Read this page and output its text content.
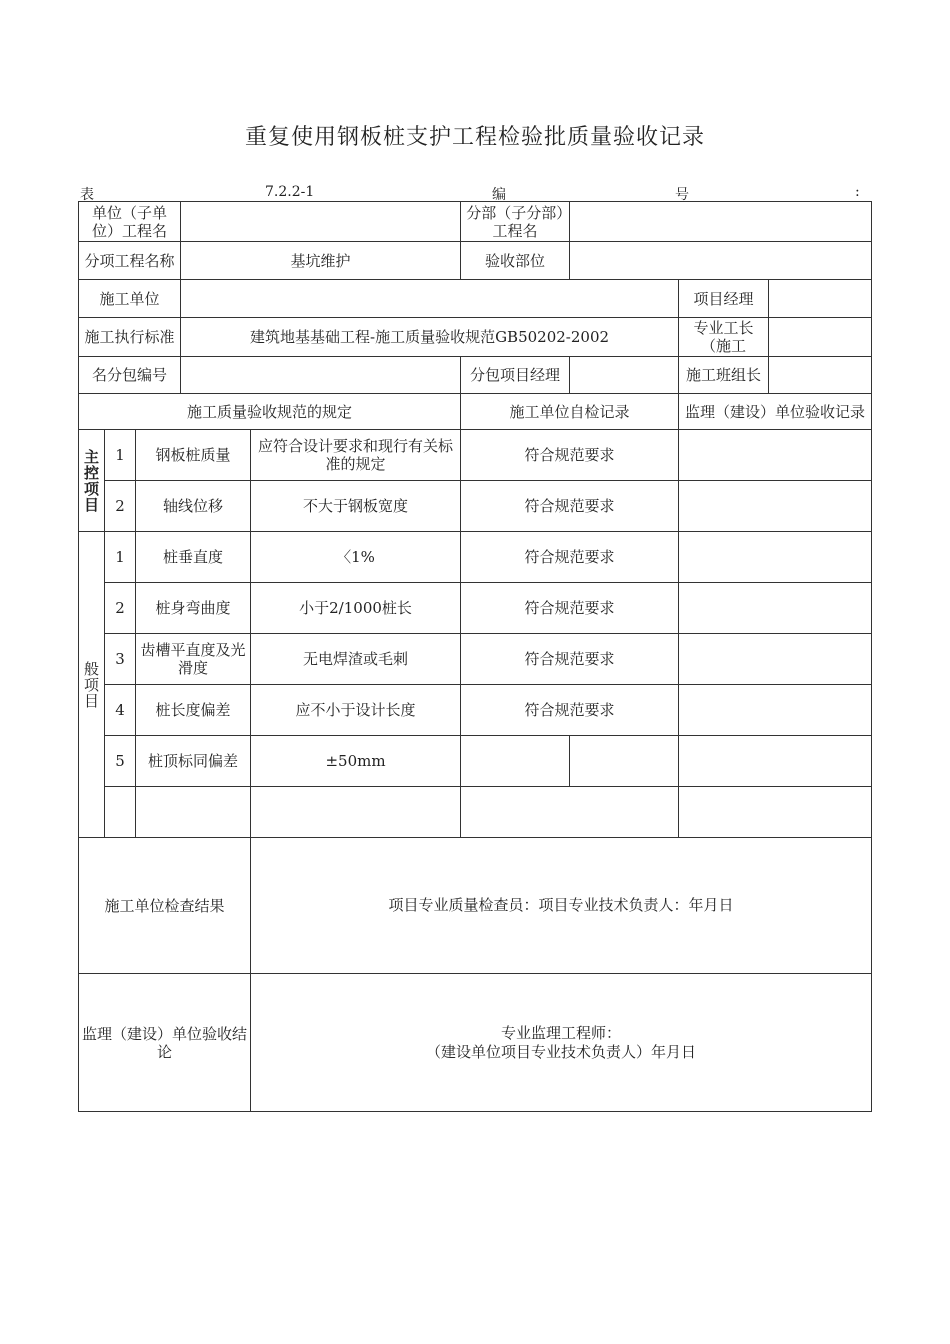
重复使用钢板桩支护工程检验批质量验收记录
表	7.2.2-1	编	号	:
单位（子单位）工程名					分部（子分部）工程名			
分项工程名称			基坑维护		验收部位			
施工单位							项目经理	
施工执行标准			建筑地基基础工程-施工质量验收规范GB50202-2002				专业工长（施工	
名分包编号					分包项目经理		施工班组长	
施工质量验收规范的规定					施工单位自检记录		监理（建设）单位验收记录	

主
控
项
目	1	钢板桩质量		应符合设计要求和现行有关标准的规定	符合规范要求			
	2	轴线位移		不大于钢板宽度	符合规范要求			

般
项
目	1	桩垂直度		〈1%	符合规范要求			
	2	桩身弯曲度		小于2/1000桩长	符合规范要求			
	3	齿槽平直度及光滑度		无电焊渣或毛刺	符合规范要求			
	4	桩长度偏差		应不小于设计长度	符合规范要求			
	5	桩顶标同偏差		±50mm				

施工单位检查结果				项目专业质量检查员：项目专业技术负责人：年月日				

监理（建设）单位验收结论				专业监理工程师：
（建设单位项目专业技术负责人）年月日				
